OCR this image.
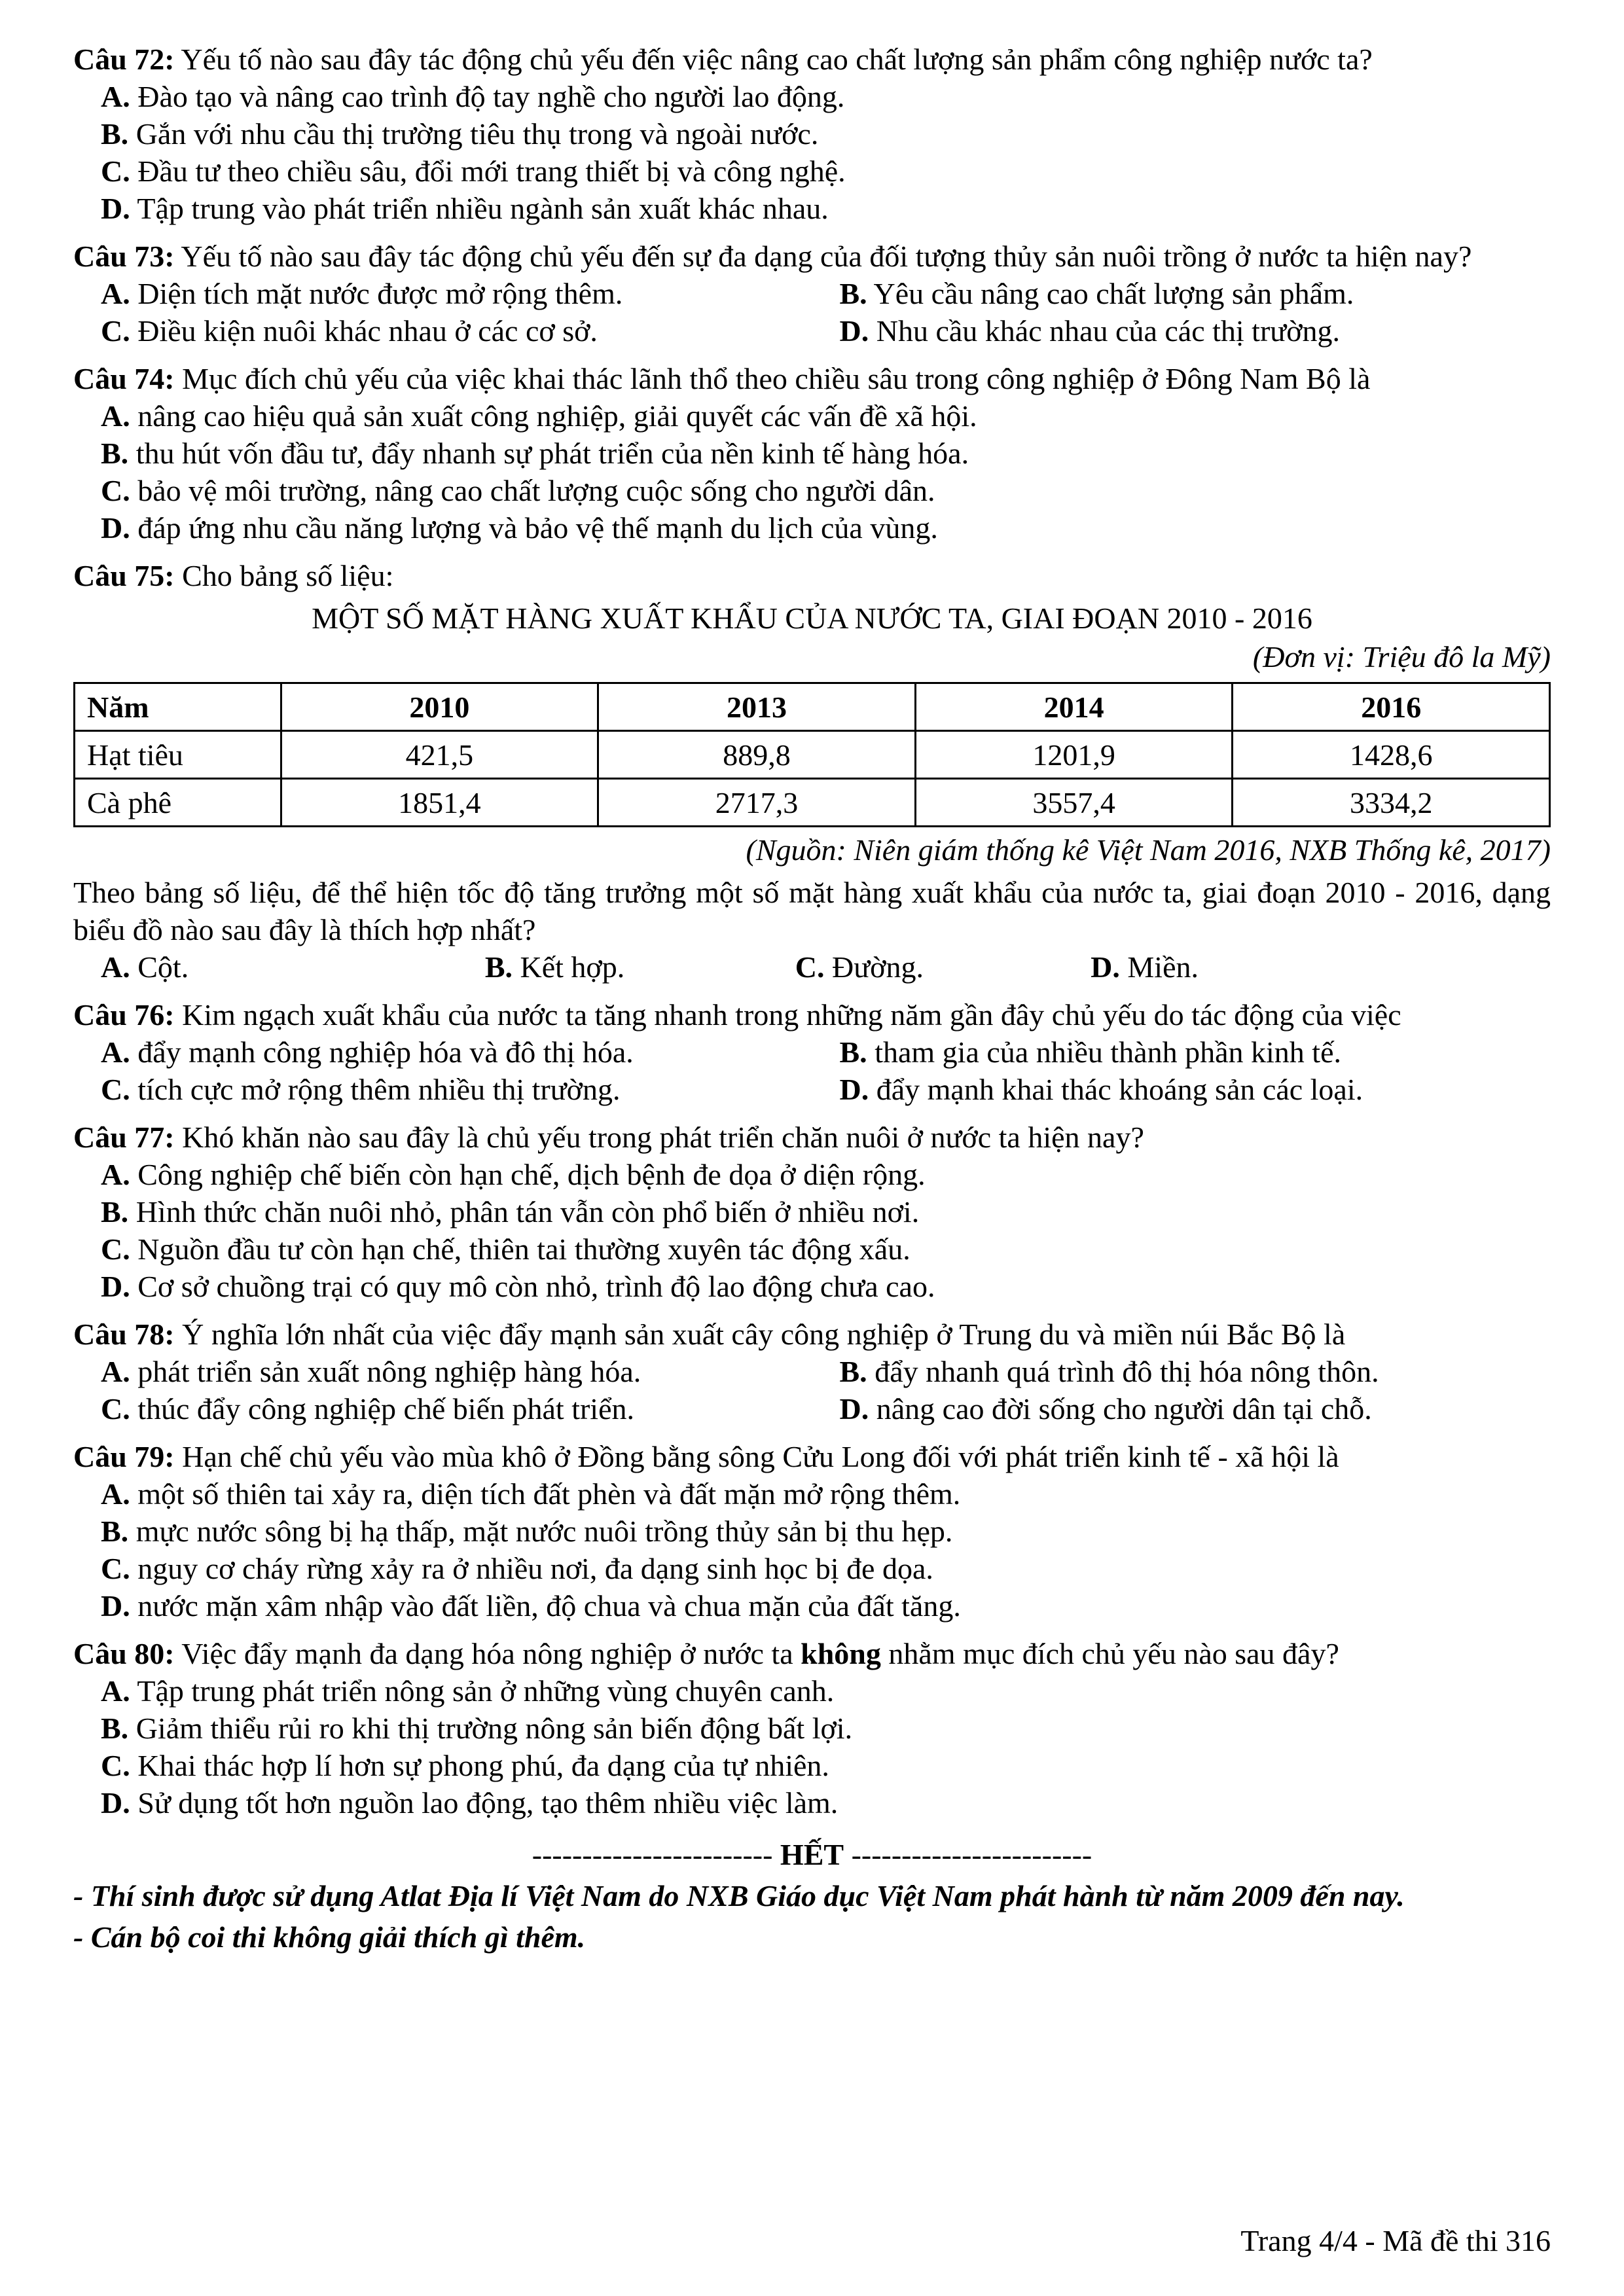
Câu 72: Yếu tố nào sau đây tác động chủ yếu đến việc nâng cao chất lượng sản phẩm công nghiệp nước ta?

A. Đào tạo và nâng cao trình độ tay nghề cho người lao động.
B. Gắn với nhu cầu thị trường tiêu thụ trong và ngoài nước.
C. Đầu tư theo chiều sâu, đổi mới trang thiết bị và công nghệ.
D. Tập trung vào phát triển nhiều ngành sản xuất khác nhau.

Câu 73: Yếu tố nào sau đây tác động chủ yếu đến sự đa dạng của đối tượng thủy sản nuôi trồng ở nước ta hiện nay?

A. Diện tích mặt nước được mở rộng thêm.	B. Yêu cầu nâng cao chất lượng sản phẩm.
C. Điều kiện nuôi khác nhau ở các cơ sở.	D. Nhu cầu khác nhau của các thị trường.

Câu 74: Mục đích chủ yếu của việc khai thác lãnh thổ theo chiều sâu trong công nghiệp ở Đông Nam Bộ là

A. nâng cao hiệu quả sản xuất công nghiệp, giải quyết các vấn đề xã hội.
B. thu hút vốn đầu tư, đẩy nhanh sự phát triển của nền kinh tế hàng hóa.
C. bảo vệ môi trường, nâng cao chất lượng cuộc sống cho người dân.
D. đáp ứng nhu cầu năng lượng và bảo vệ thế mạnh du lịch của vùng.

Câu 75: Cho bảng số liệu:

MỘT SỐ MẶT HÀNG XUẤT KHẨU CỦA NƯỚC TA, GIAI ĐOẠN 2010 - 2016

(Đơn vị: Triệu đô la Mỹ)

Năm	2010	2013	2014	2016
Hạt tiêu	421,5	889,8	1201,9	1428,6
Cà phê	1851,4	2717,3	3557,4	3334,2

(Nguồn: Niên giám thống kê Việt Nam 2016, NXB Thống kê, 2017)

Theo bảng số liệu, để thể hiện tốc độ tăng trưởng một số mặt hàng xuất khẩu của nước ta, giai đoạn 2010 - 2016, dạng biểu đồ nào sau đây là thích hợp nhất?

A. Cột.	B. Kết hợp.	C. Đường.	D. Miền.

Câu 76: Kim ngạch xuất khẩu của nước ta tăng nhanh trong những năm gần đây chủ yếu do tác động của việc

A. đẩy mạnh công nghiệp hóa và đô thị hóa.	B. tham gia của nhiều thành phần kinh tế.
C. tích cực mở rộng thêm nhiều thị trường.	D. đẩy mạnh khai thác khoáng sản các loại.

Câu 77: Khó khăn nào sau đây là chủ yếu trong phát triển chăn nuôi ở nước ta hiện nay?

A. Công nghiệp chế biến còn hạn chế, dịch bệnh đe dọa ở diện rộng.
B. Hình thức chăn nuôi nhỏ, phân tán vẫn còn phổ biến ở nhiều nơi.
C. Nguồn đầu tư còn hạn chế, thiên tai thường xuyên tác động xấu.
D. Cơ sở chuồng trại có quy mô còn nhỏ, trình độ lao động chưa cao.

Câu 78: Ý nghĩa lớn nhất của việc đẩy mạnh sản xuất cây công nghiệp ở Trung du và miền núi Bắc Bộ là

A. phát triển sản xuất nông nghiệp hàng hóa.	B. đẩy nhanh quá trình đô thị hóa nông thôn.
C. thúc đẩy công nghiệp chế biến phát triển.	D. nâng cao đời sống cho người dân tại chỗ.

Câu 79: Hạn chế chủ yếu vào mùa khô ở Đồng bằng sông Cửu Long đối với phát triển kinh tế - xã hội là

A. một số thiên tai xảy ra, diện tích đất phèn và đất mặn mở rộng thêm.
B. mực nước sông bị hạ thấp, mặt nước nuôi trồng thủy sản bị thu hẹp.
C. nguy cơ cháy rừng xảy ra ở nhiều nơi, đa dạng sinh học bị đe dọa.
D. nước mặn xâm nhập vào đất liền, độ chua và chua mặn của đất tăng.

Câu 80: Việc đẩy mạnh đa dạng hóa nông nghiệp ở nước ta không nhằm mục đích chủ yếu nào sau đây?

A. Tập trung phát triển nông sản ở những vùng chuyên canh.
B. Giảm thiểu rủi ro khi thị trường nông sản biến động bất lợi.
C. Khai thác hợp lí hơn sự phong phú, đa dạng của tự nhiên.
D. Sử dụng tốt hơn nguồn lao động, tạo thêm nhiều việc làm.

------------------------ HẾT ------------------------

- Thí sinh được sử dụng Atlat Địa lí Việt Nam do NXB Giáo dục Việt Nam phát hành từ năm 2009 đến nay.

- Cán bộ coi thi không giải thích gì thêm.

Trang 4/4 - Mã đề thi 316
